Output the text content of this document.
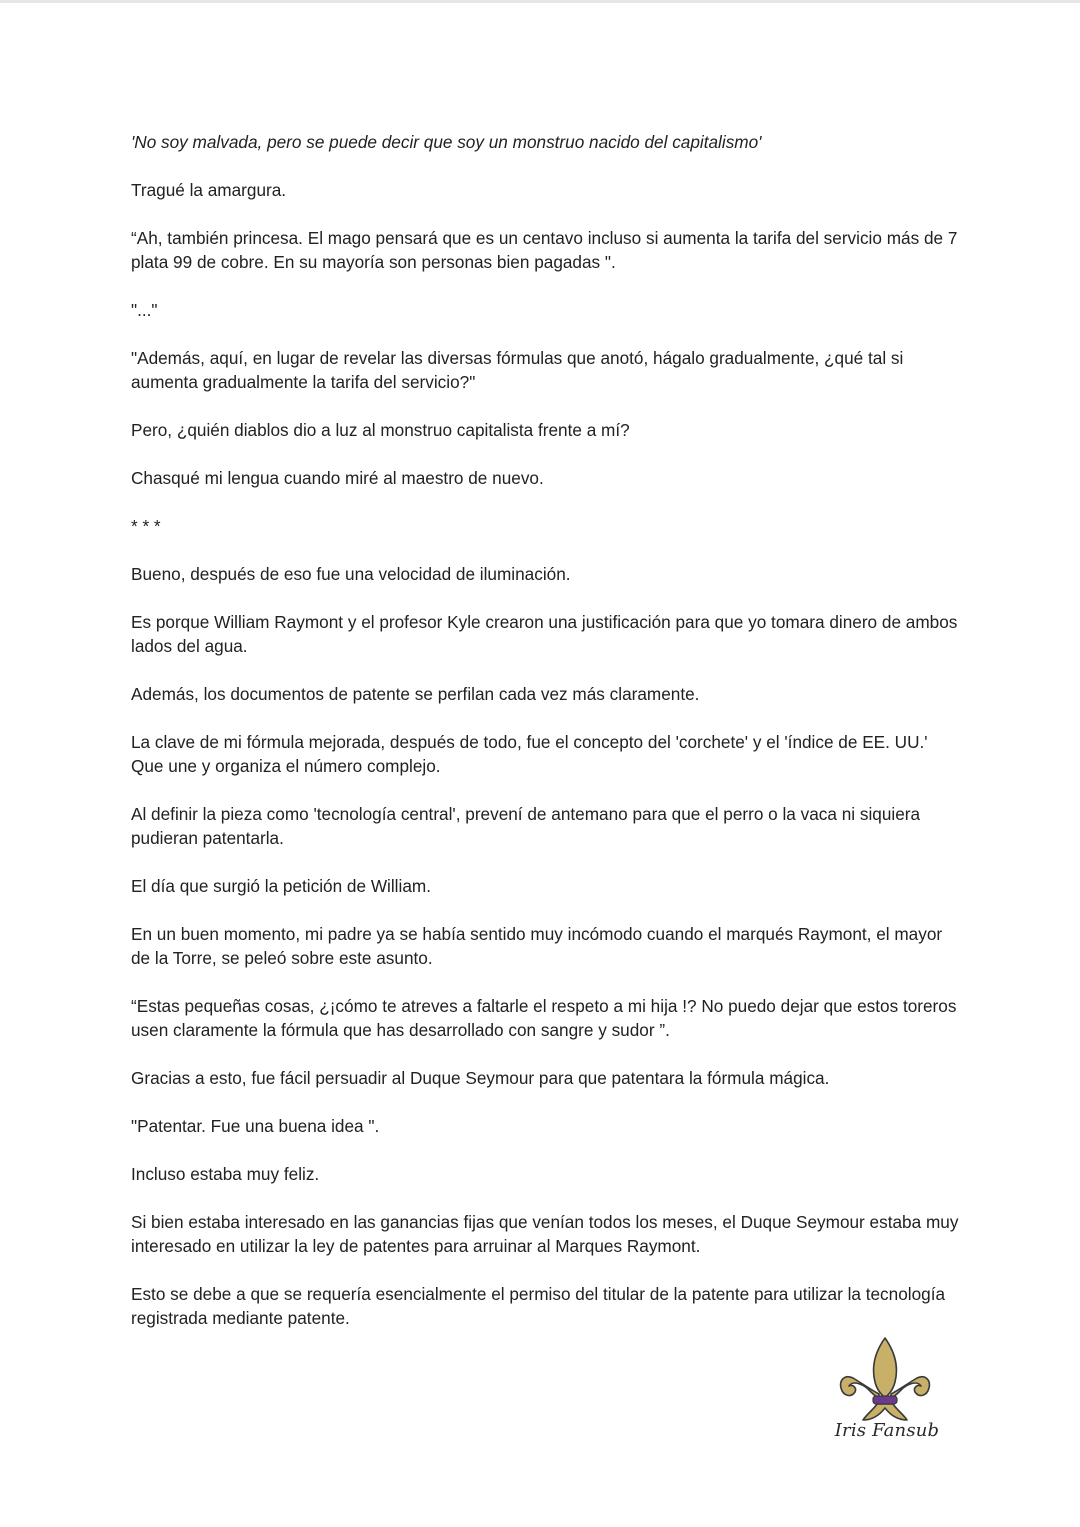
'No soy malvada, pero se puede decir que soy un monstruo nacido del capitalismo'

Tragué la amargura.

“Ah, también princesa. El mago pensará que es un centavo incluso si aumenta la tarifa del servicio más de 7 plata 99 de cobre. En su mayoría son personas bien pagadas ".

"..."

"Además, aquí, en lugar de revelar las diversas fórmulas que anotó, hágalo gradualmente, ¿qué tal si aumenta gradualmente la tarifa del servicio?"

Pero, ¿quién diablos dio a luz al monstruo capitalista frente a mí?

Chasqué mi lengua cuando miré al maestro de nuevo.

* * *

Bueno, después de eso fue una velocidad de iluminación.

Es porque William Raymont y el profesor Kyle crearon una justificación para que yo tomara dinero de ambos lados del agua.

Además, los documentos de patente se perfilan cada vez más claramente.

La clave de mi fórmula mejorada, después de todo, fue el concepto del 'corchete' y el 'índice de EE. UU.' Que une y organiza el número complejo.

Al definir la pieza como 'tecnología central', prevení de antemano para que el perro o la vaca ni siquiera pudieran patentarla.

El día que surgió la petición de William.

En un buen momento, mi padre ya se había sentido muy incómodo cuando el marqués Raymont, el mayor de la Torre, se peleó sobre este asunto.

“Estas pequeñas cosas, ¿¡cómo te atreves a faltarle el respeto a mi hija !? No puedo dejar que estos toreros usen claramente la fórmula que has desarrollado con sangre y sudor ”.

Gracias a esto, fue fácil persuadir al Duque Seymour para que patentara la fórmula mágica.

"Patentar. Fue una buena idea ".

Incluso estaba muy feliz.

Si bien estaba interesado en las ganancias fijas que venían todos los meses, el Duque Seymour estaba muy interesado en utilizar la ley de patentes para arruinar al Marques Raymont.

Esto se debe a que se requería esencialmente el permiso del titular de la patente para utilizar la tecnología registrada mediante patente.

Iris Fansub
